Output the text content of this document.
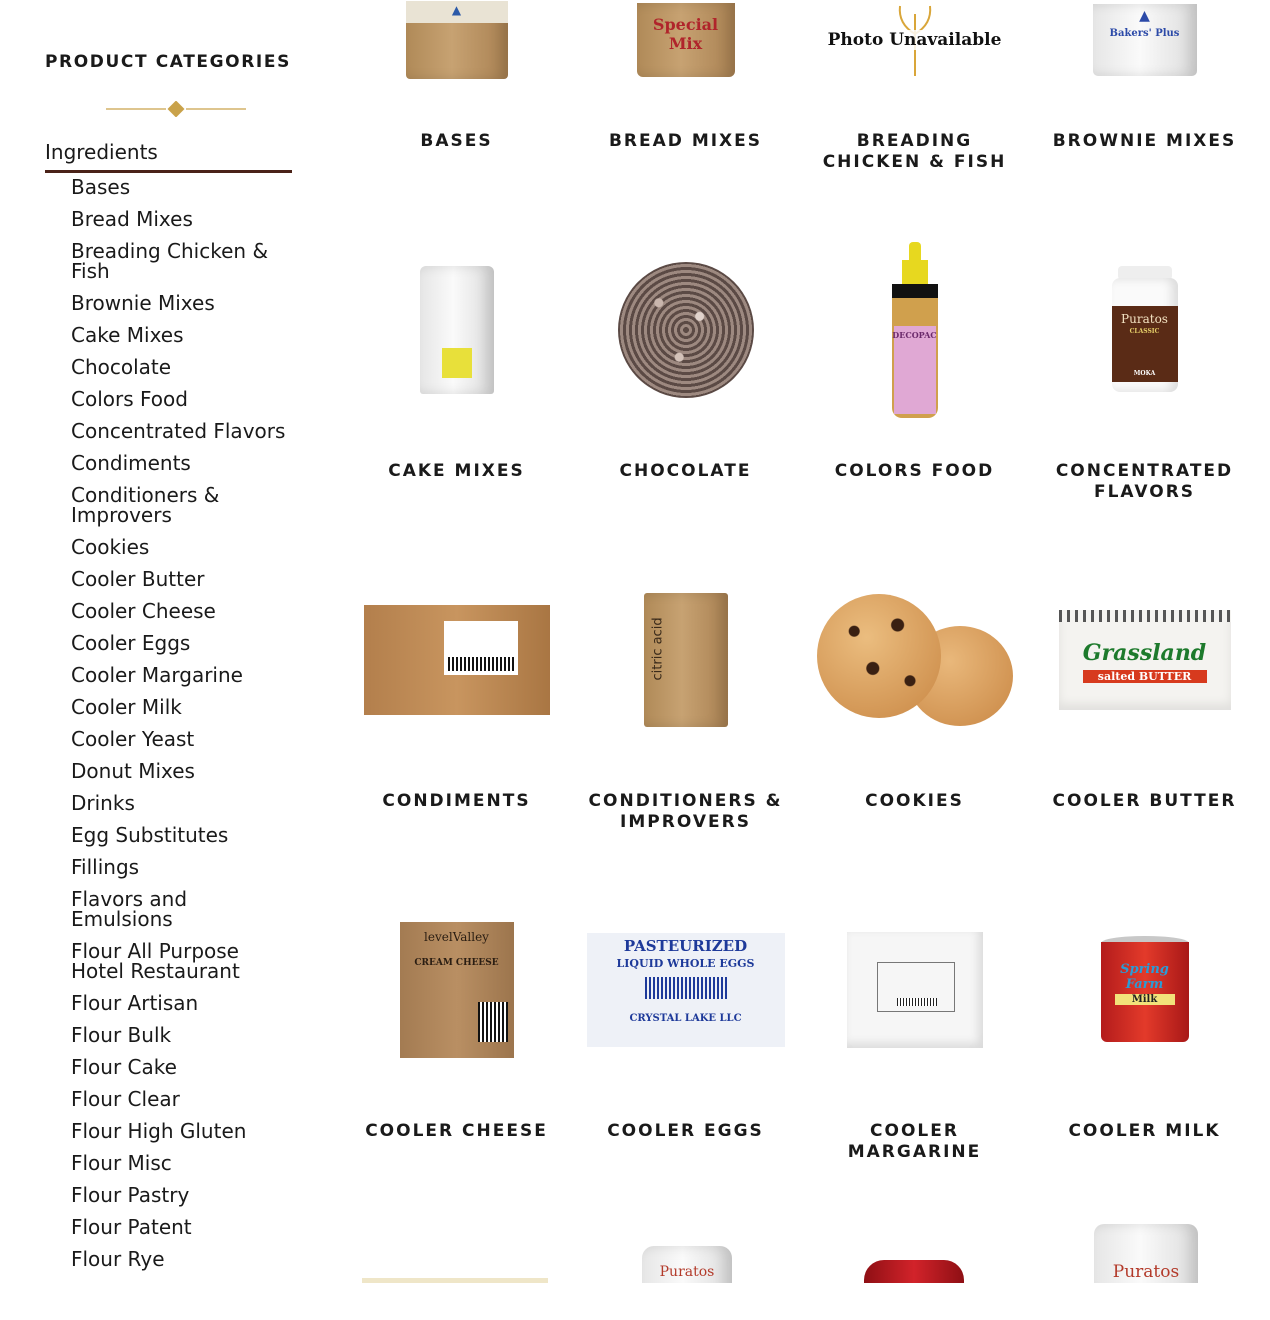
PRODUCT CATEGORIES
Ingredients
Bases
Bread Mixes
Breading Chicken & Fish
Brownie Mixes
Cake Mixes
Chocolate
Colors Food
Concentrated Flavors
Condiments
Conditioners & Improvers
Cookies
Cooler Butter
Cooler Cheese
Cooler Eggs
Cooler Margarine
Cooler Milk
Cooler Yeast
Donut Mixes
Drinks
Egg Substitutes
Fillings
Flavors and Emulsions
Flour All Purpose Hotel Restaurant
Flour Artisan
Flour Bulk
Flour Cake
Flour Clear
Flour High Gluten
Flour Misc
Flour Pastry
Flour Patent
Flour Rye
▲
BASES
Special Mix
BREAD MIXES
Photo Unavailable
BREADING CHICKEN & FISH
▲
Bakers' Plus
BROWNIE MIXES
CAKE MIXES	CHOCOLATE
DECOPAC
COLORS FOOD
Puratos
CLASSIC
MOKA
CONCENTRATED FLAVORS
CONDIMENTS
citric acid
CONDITIONERS & IMPROVERS
COOKIES
Grassland
salted BUTTER
COOLER BUTTER
levelValley
CREAM CHEESE
COOLER CHEESE
PASTEURIZED
LIQUID WHOLE EGGS
CRYSTAL LAKE LLC
COOLER EGGS	COOLER MARGARINE
Spring Farm
Milk
COOLER MILK
Puratos	Puratos
